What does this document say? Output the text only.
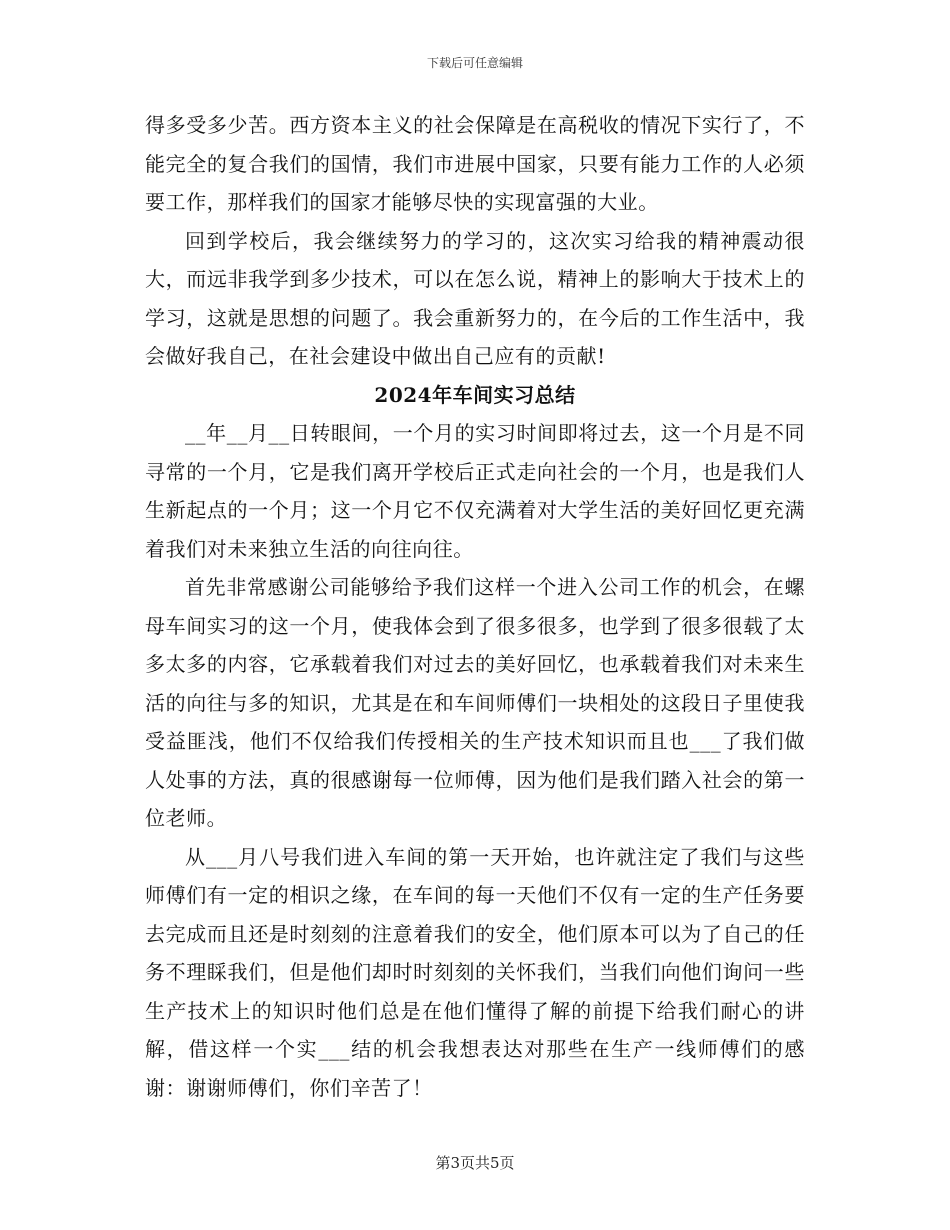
下载后可任意编辑

得多受多少苦。西方资本主义的社会保障是在高税收的情况下实行了，不能完全的复合我们的国情，我们市进展中国家，只要有能力工作的人必须要工作，那样我们的国家才能够尽快的实现富强的大业。

回到学校后，我会继续努力的学习的，这次实习给我的精神震动很大，而远非我学到多少技术，可以在怎么说，精神上的影响大于技术上的学习，这就是思想的问题了。我会重新努力的，在今后的工作生活中，我会做好我自己，在社会建设中做出自己应有的贡献!

2024年车间实习总结

__年__月__日转眼间，一个月的实习时间即将过去，这一个月是不同寻常的一个月，它是我们离开学校后正式走向社会的一个月，也是我们人生新起点的一个月；这一个月它不仅充满着对大学生活的美好回忆更充满着我们对未来独立生活的向往向往。

首先非常感谢公司能够给予我们这样一个进入公司工作的机会，在螺母车间实习的这一个月，使我体会到了很多很多，也学到了很多很载了太多太多的内容，它承载着我们对过去的美好回忆，也承载着我们对未来生活的向往与多的知识，尤其是在和车间师傅们一块相处的这段日子里使我受益匪浅，他们不仅给我们传授相关的生产技术知识而且也___了我们做人处事的方法，真的很感谢每一位师傅，因为他们是我们踏入社会的第一位老师。

从___月八号我们进入车间的第一天开始，也许就注定了我们与这些师傅们有一定的相识之缘，在车间的每一天他们不仅有一定的生产任务要去完成而且还是时刻刻的注意着我们的安全，他们原本可以为了自己的任务不理睬我们，但是他们却时时刻刻的关怀我们，当我们向他们询问一些生产技术上的知识时他们总是在他们懂得了解的前提下给我们耐心的讲解，借这样一个实___结的机会我想表达对那些在生产一线师傅们的感谢：谢谢师傅们，你们辛苦了！

第3页共5页
